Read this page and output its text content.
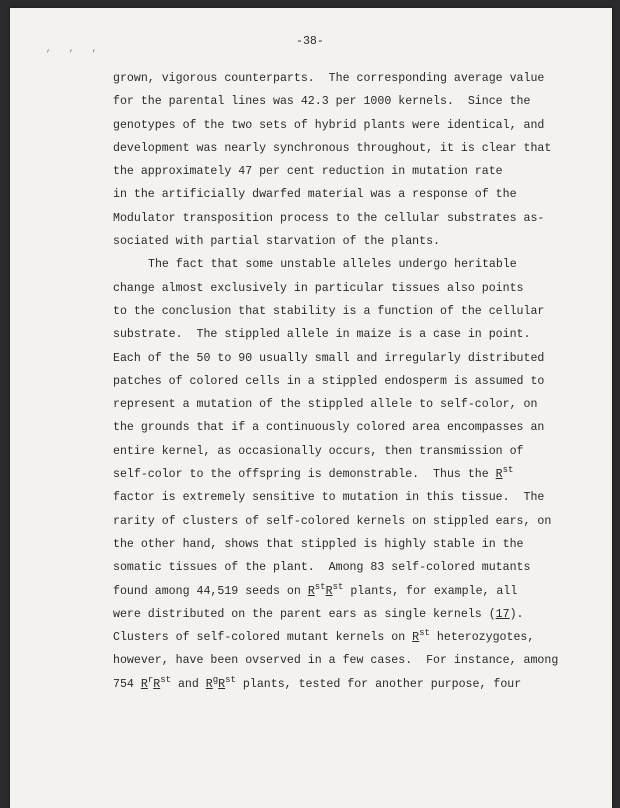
, , ,
-38-
grown, vigorous counterparts.  The corresponding average value
for the parental lines was 42.3 per 1000 kernels.  Since the
genotypes of the two sets of hybrid plants were identical, and
development was nearly synchronous throughout, it is clear that
the approximately 47 per cent reduction in mutation rate
in the artificially dwarfed material was a response of the
Modulator transposition process to the cellular substrates as-
sociated with partial starvation of the plants.
The fact that some unstable alleles undergo heritable
change almost exclusively in particular tissues also points
to the conclusion that stability is a function of the cellular
substrate.  The stippled allele in maize is a case in point.
Each of the 50 to 90 usually small and irregularly distributed
patches of colored cells in a stippled endosperm is assumed to
represent a mutation of the stippled allele to self-color, on
the grounds that if a continuously colored area encompasses an
entire kernel, as occasionally occurs, then transmission of
self-color to the offspring is demonstrable.  Thus the $R^{st}$
factor is extremely sensitive to mutation in this tissue.  The
rarity of clusters of self-colored kernels on stippled ears, on
the other hand, shows that stippled is highly stable in the
somatic tissues of the plant.  Among 83 self-colored mutants
found among 44,519 seeds on $R^{st}R^{st}$ plants, for example, all
were distributed on the parent ears as single kernels (17).
Clusters of self-colored mutant kernels on $R^{st}$ heterozygotes,
however, have been ovserved in a few cases.  For instance, among
754 $R^rR^{st}$ and $R^gR^{st}$ plants, tested for another purpose, four
